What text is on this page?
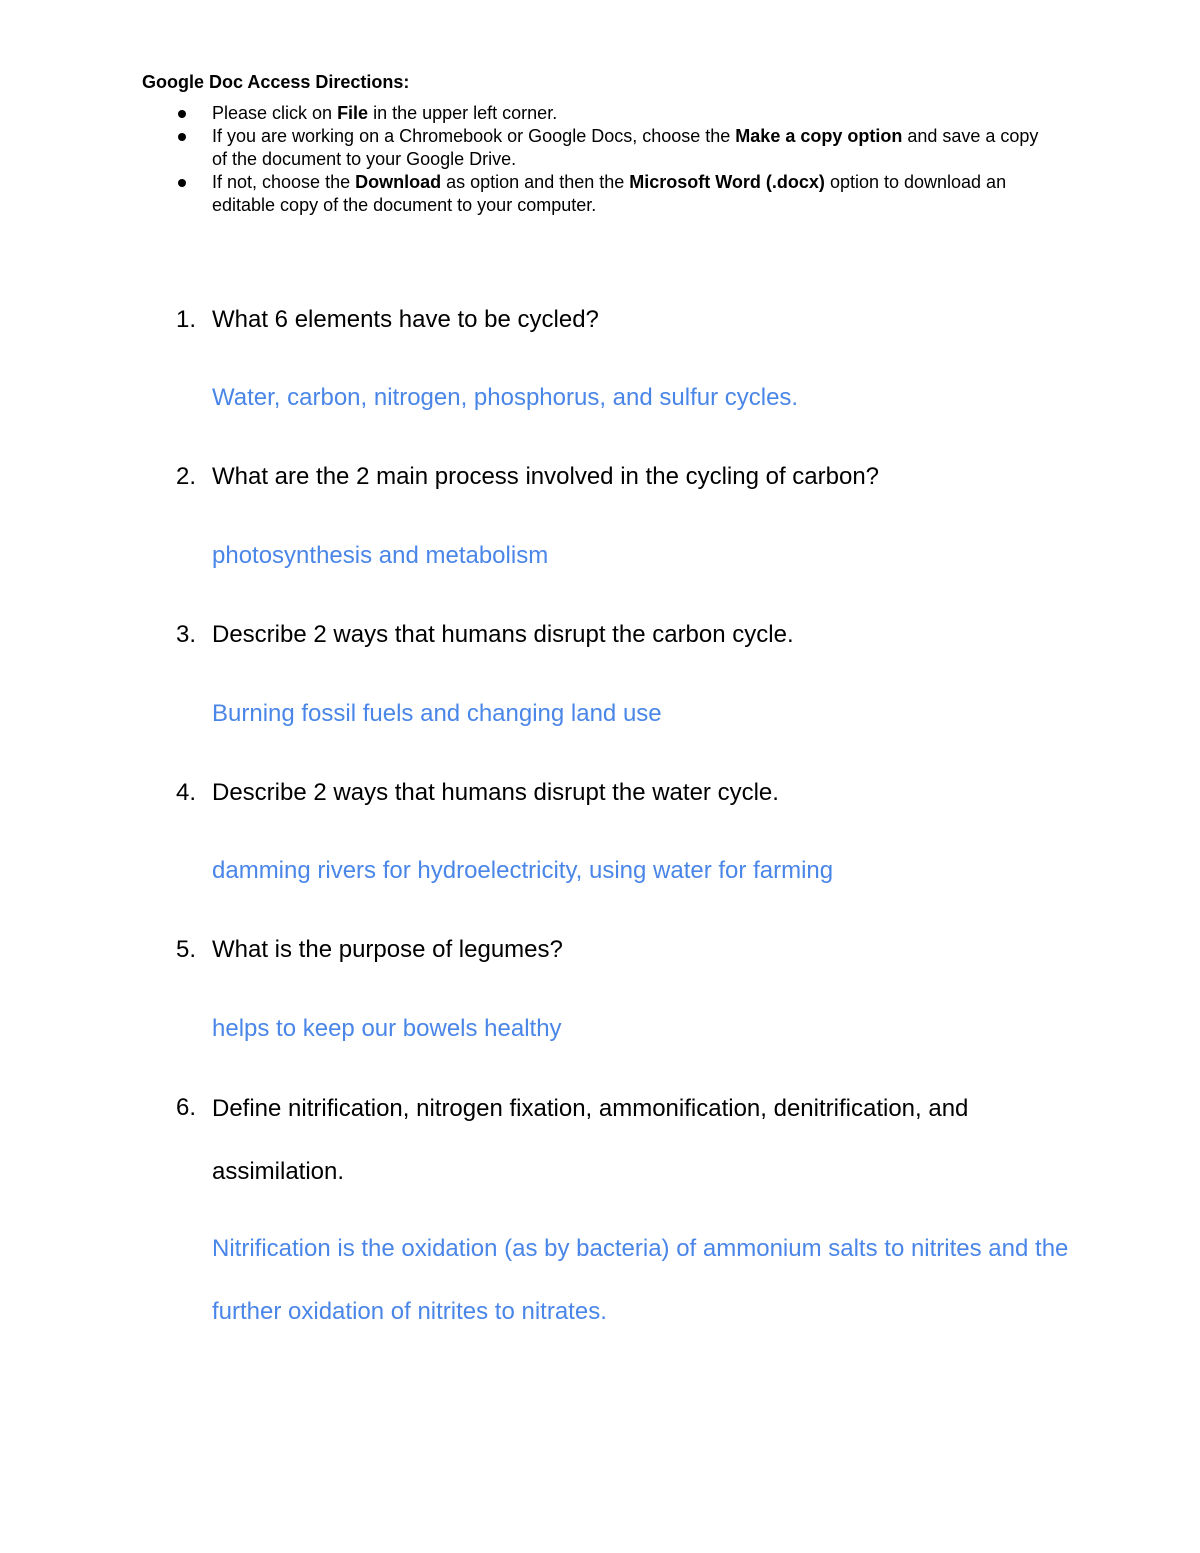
Google Doc Access Directions:

Please click on File in the upper left corner.
If you are working on a Chromebook or Google Docs, choose the Make a copy option and save a copy of the document to your Google Drive.
If not, choose the Download as option and then the Microsoft Word (.docx) option to download an editable copy of the document to your computer.
1. What 6 elements have to be cycled?

Water, carbon, nitrogen, phosphorus, and sulfur cycles.

2. What are the 2 main process involved in the cycling of carbon?

photosynthesis and metabolism

3. Describe 2 ways that humans disrupt the carbon cycle.

Burning fossil fuels and changing land use

4. Describe 2 ways that humans disrupt the water cycle.

damming rivers for hydroelectricity, using water for farming

5. What is the purpose of legumes?

helps to keep our bowels healthy

6. Define nitrification, nitrogen fixation, ammonification, denitrification, and assimilation.

Nitrification is the oxidation (as by bacteria) of ammonium salts to nitrites and the further oxidation of nitrites to nitrates.
